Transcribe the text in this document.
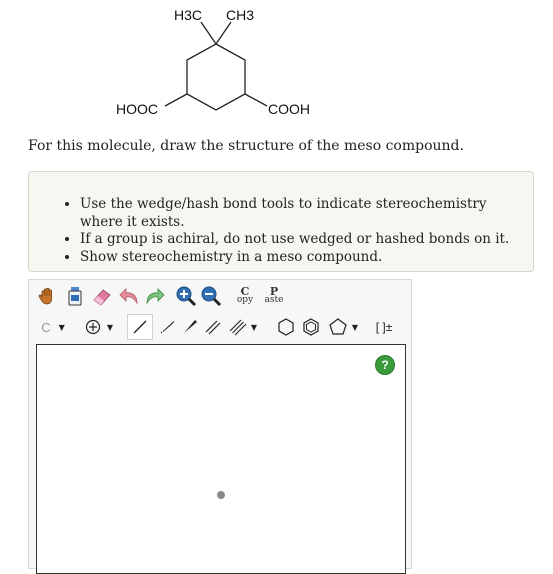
H3C CH3
HOOC	COOH
For this molecule, draw the structure of the meso compound.
• Use the wedge/hash bond tools to indicate stereochemistry where it exists.
• If a group is achiral, do not use wedged or hashed bonds on it.
• Show stereochemistry in a meso compound.
C
opy
P
aste
C ▼	▼	▼	▼ [ ]±
?
